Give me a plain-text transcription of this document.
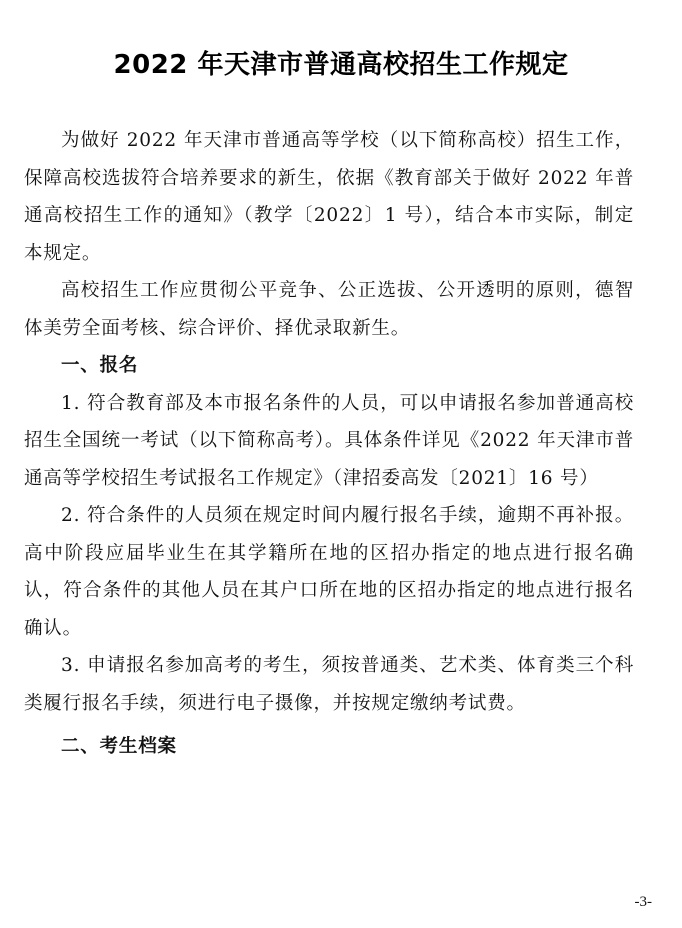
2022 年天津市普通高校招生工作规定

为做好 2022 年天津市普通高等学校（以下简称高校）招生工作，保障高校选拔符合培养要求的新生，依据《教育部关于做好 2022 年普通高校招生工作的通知》（教学〔2022〕1 号），结合本市实际，制定本规定。

高校招生工作应贯彻公平竞争、公正选拔、公开透明的原则，德智体美劳全面考核、综合评价、择优录取新生。

一、报名

1. 符合教育部及本市报名条件的人员，可以申请报名参加普通高校招生全国统一考试（以下简称高考）。具体条件详见《2022 年天津市普通高等学校招生考试报名工作规定》（津招委高发〔2021〕16 号）

2. 符合条件的人员须在规定时间内履行报名手续，逾期不再补报。高中阶段应届毕业生在其学籍所在地的区招办指定的地点进行报名确认，符合条件的其他人员在其户口所在地的区招办指定的地点进行报名确认。

3. 申请报名参加高考的考生，须按普通类、艺术类、体育类三个科类履行报名手续，须进行电子摄像，并按规定缴纳考试费。

二、考生档案

-3-
